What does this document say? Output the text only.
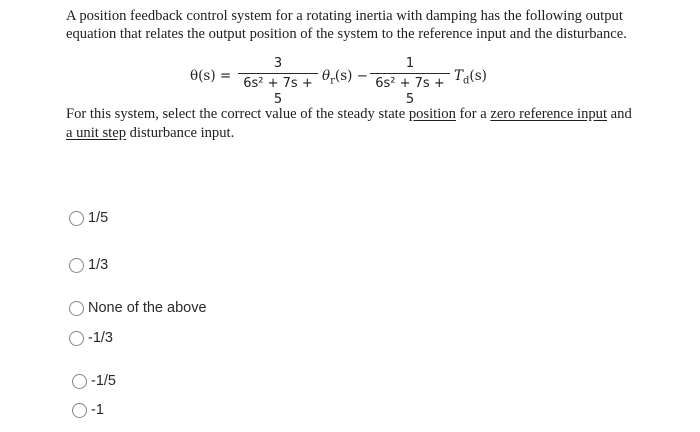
A position feedback control system for a rotating inertia with damping has the following output
equation that relates the output position of the system to the reference input and the disturbance.
θ(s) =
3
6s² + 7s + 5
$\theta_r(s)$ −
1
6s² + 7s + 5
$T_d(s)$
For this system, select the correct value of the steady state position for a zero reference input and
a unit step disturbance input.
1/5
1/3
None of the above
-1/3
-1/5
-1
